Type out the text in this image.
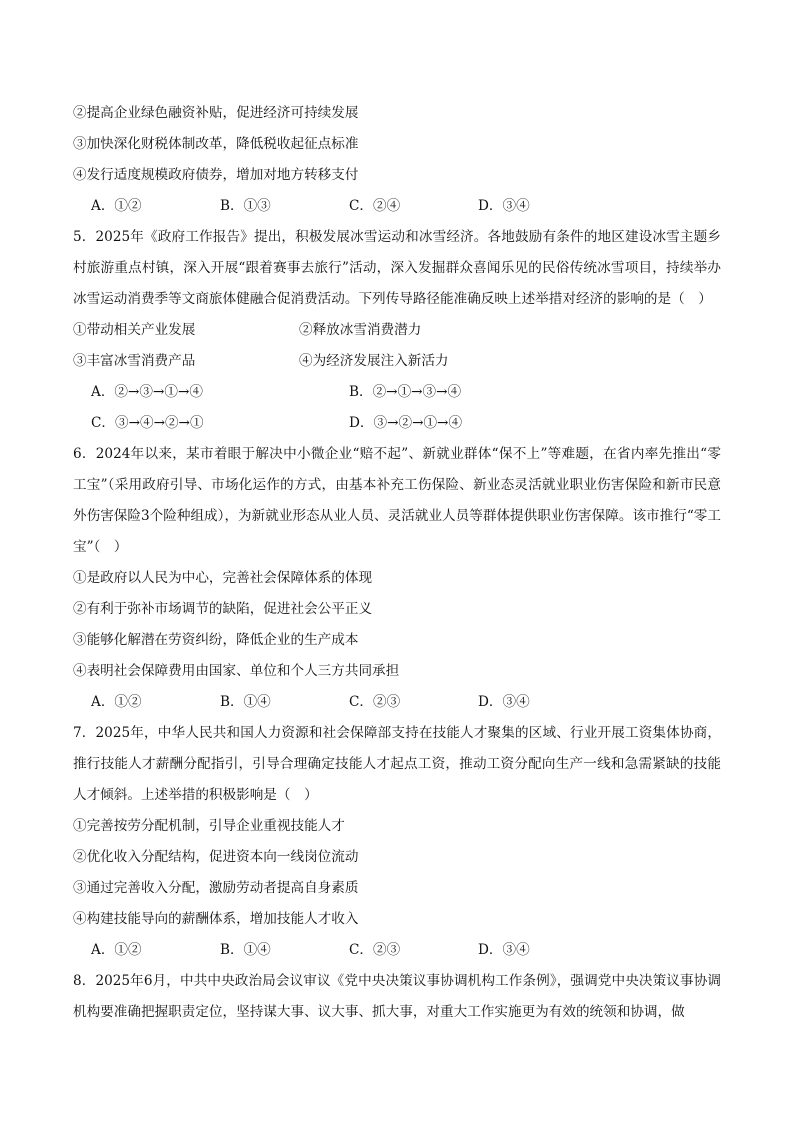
②提高企业绿色融资补贴，促进经济可持续发展
③加快深化财税体制改革，降低税收起征点标准
④发行适度规模政府债券，增加对地方转移支付
A．①②	B．①③	C．②④	D．③④

5．2025年《政府工作报告》提出，积极发展冰雪运动和冰雪经济。各地鼓励有条件的地区建设冰雪主题乡村旅游重点村镇，深入开展“跟着赛事去旅行”活动，深入发掘群众喜闻乐见的民俗传统冰雪项目，持续举办冰雪运动消费季等文商旅体健融合促消费活动。下列传导路径能准确反映上述举措对经济的影响的是（　）

①带动相关产业发展	②释放冰雪消费潜力
③丰富冰雪消费产品	④为经济发展注入新活力
A．②→③→①→④	B．②→①→③→④
C．③→④→②→①	D．③→②→①→④

6．2024年以来，某市着眼于解决中小微企业“赔不起”、新就业群体“保不上”等难题，在省内率先推出“零工宝”（采用政府引导、市场化运作的方式，由基本补充工伤保险、新业态灵活就业职业伤害保险和新市民意外伤害保险3个险种组成），为新就业形态从业人员、灵活就业人员等群体提供职业伤害保障。该市推行“零工宝”（　）

①是政府以人民为中心，完善社会保障体系的体现
②有利于弥补市场调节的缺陷，促进社会公平正义
③能够化解潜在劳资纠纷，降低企业的生产成本
④表明社会保障费用由国家、单位和个人三方共同承担
A．①②	B．①④	C．②③	D．③④

7．2025年，中华人民共和国人力资源和社会保障部支持在技能人才聚集的区域、行业开展工资集体协商，推行技能人才薪酬分配指引，引导合理确定技能人才起点工资，推动工资分配向生产一线和急需紧缺的技能人才倾斜。上述举措的积极影响是（　）

①完善按劳分配机制，引导企业重视技能人才
②优化收入分配结构，促进资本向一线岗位流动
③通过完善收入分配，激励劳动者提高自身素质
④构建技能导向的薪酬体系，增加技能人才收入
A．①②	B．①④	C．②③	D．③④

8．2025年6月，中共中央政治局会议审议《党中央决策议事协调机构工作条例》，强调党中央决策议事协调机构要准确把握职责定位，坚持谋大事、议大事、抓大事，对重大工作实施更为有效的统领和协调，做
